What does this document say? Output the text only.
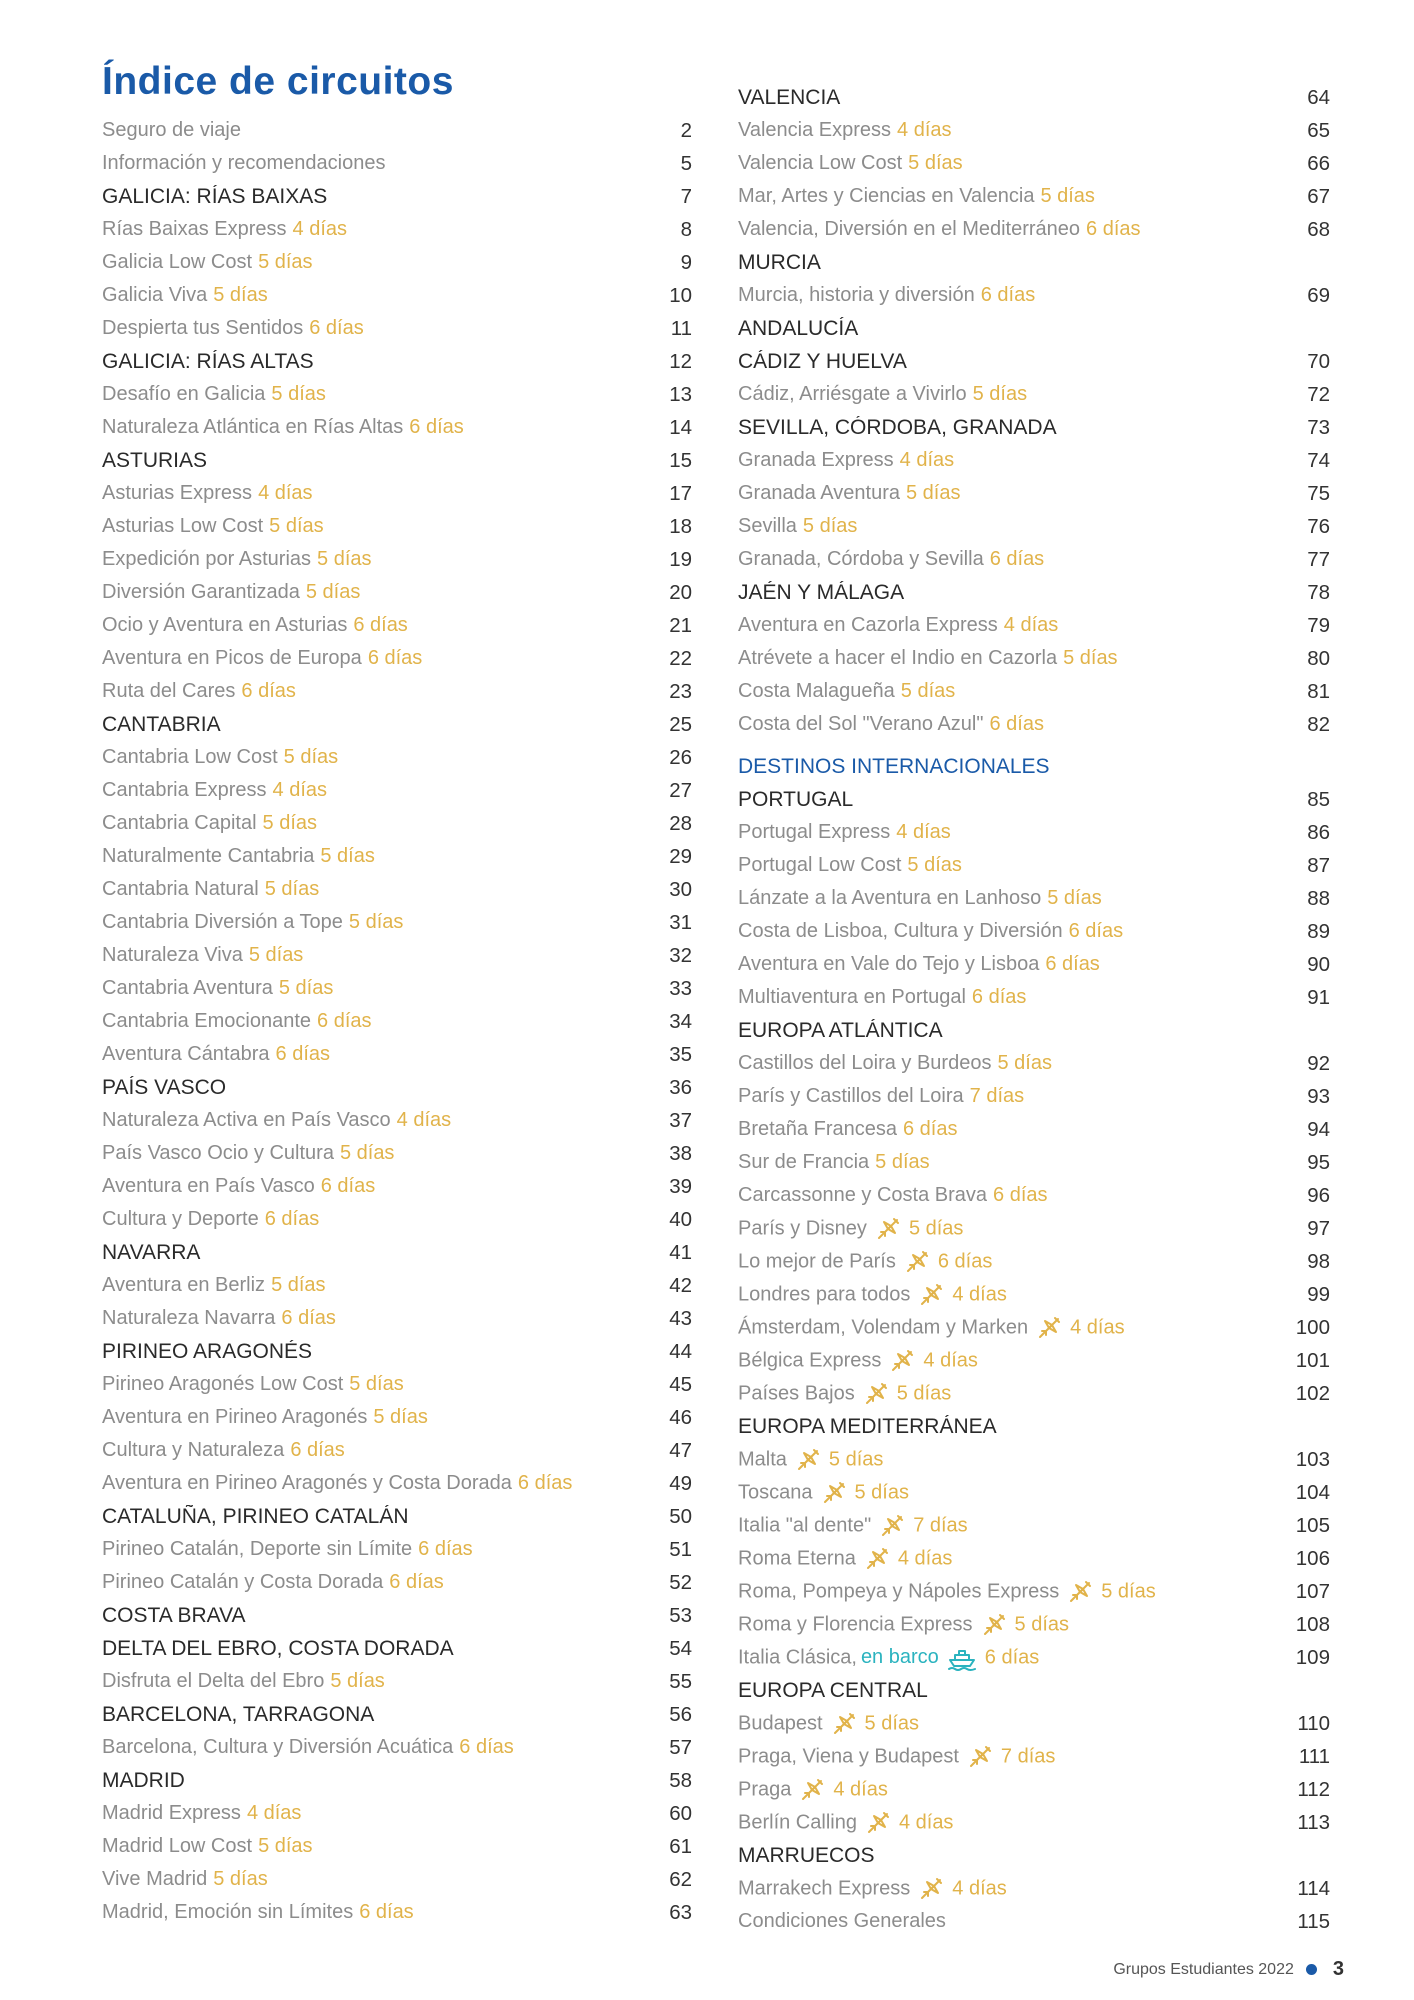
Índice de circuitos
Seguro de viaje	2
Información y recomendaciones	5
GALICIA: RÍAS BAIXAS	7
Rías Baixas Express 4 días	8
Galicia Low Cost 5 días	9
Galicia Viva 5 días	10
Despierta tus Sentidos 6 días	11
GALICIA: RÍAS ALTAS	12
Desafío en Galicia 5 días	13
Naturaleza Atlántica en Rías Altas 6 días	14
ASTURIAS	15
Asturias Express 4 días	17
Asturias Low Cost 5 días	18
Expedición por Asturias 5 días	19
Diversión Garantizada 5 días	20
Ocio y Aventura en Asturias 6 días	21
Aventura en Picos de Europa 6 días	22
Ruta del Cares 6 días	23
CANTABRIA	25
Cantabria Low Cost 5 días	26
Cantabria Express 4 días	27
Cantabria Capital 5 días	28
Naturalmente Cantabria 5 días	29
Cantabria Natural 5 días	30
Cantabria Diversión a Tope 5 días	31
Naturaleza Viva 5 días	32
Cantabria Aventura 5 días	33
Cantabria Emocionante 6 días	34
Aventura Cántabra 6 días	35
PAÍS VASCO	36
Naturaleza Activa en País Vasco 4 días	37
País Vasco Ocio y Cultura 5 días	38
Aventura en País Vasco 6 días	39
Cultura y Deporte 6 días	40
NAVARRA	41
Aventura en Berliz 5 días	42
Naturaleza Navarra 6 días	43
PIRINEO ARAGONÉS	44
Pirineo Aragonés Low Cost 5 días	45
Aventura en Pirineo Aragonés 5 días	46
Cultura y Naturaleza 6 días	47
Aventura en Pirineo Aragonés y Costa Dorada 6 días	49
CATALUÑA, PIRINEO CATALÁN	50
Pirineo Catalán, Deporte sin Límite 6 días	51
Pirineo Catalán y Costa Dorada 6 días	52
COSTA BRAVA	53
DELTA DEL EBRO, COSTA DORADA	54
Disfruta el Delta del Ebro 5 días	55
BARCELONA, TARRAGONA	56
Barcelona, Cultura y Diversión Acuática 6 días	57
MADRID	58
Madrid Express 4 días	60
Madrid Low Cost 5 días	61
Vive Madrid 5 días	62
Madrid, Emoción sin Límites 6 días	63
VALENCIA	64
Valencia Express 4 días	65
Valencia Low Cost 5 días	66
Mar, Artes y Ciencias en Valencia 5 días	67
Valencia, Diversión en el Mediterráneo 6 días	68
MURCIA
Murcia, historia y diversión 6 días	69
ANDALUCÍA
CÁDIZ Y HUELVA	70
Cádiz, Arriésgate a Vivirlo 5 días	72
SEVILLA, CÓRDOBA, GRANADA	73
Granada Express 4 días	74
Granada Aventura 5 días	75
Sevilla 5 días	76
Granada, Córdoba y Sevilla 6 días	77
JAÉN Y MÁLAGA	78
Aventura en Cazorla Express 4 días	79
Atrévete a hacer el Indio en Cazorla 5 días	80
Costa Malagueña 5 días	81
Costa del Sol "Verano Azul" 6 días	82
DESTINOS INTERNACIONALES
PORTUGAL	85
Portugal Express 4 días	86
Portugal Low Cost 5 días	87
Lánzate a la Aventura en Lanhoso 5 días	88
Costa de Lisboa, Cultura y Diversión 6 días	89
Aventura en Vale do Tejo y Lisboa 6 días	90
Multiaventura en Portugal 6 días	91
EUROPA ATLÁNTICA
Castillos del Loira y Burdeos 5 días	92
París y Castillos del Loira 7 días	93
Bretaña Francesa 6 días	94
Sur de Francia 5 días	95
Carcassonne y Costa Brava 6 días	96
París y Disney 5 días	97
Lo mejor de París 6 días	98
Londres para todos 4 días	99
Ámsterdam, Volendam y Marken 4 días	100
Bélgica Express 4 días	101
Países Bajos 5 días	102
EUROPA MEDITERRÁNEA
Malta 5 días	103
Toscana 5 días	104
Italia "al dente" 7 días	105
Roma Eterna 4 días	106
Roma, Pompeya y Nápoles Express 5 días	107
Roma y Florencia Express 5 días	108
Italia Clásica, en barco 6 días	109
EUROPA CENTRAL
Budapest 5 días	110
Praga, Viena y Budapest 7 días	111
Praga 4 días	112
Berlín Calling 4 días	113
MARRUECOS
Marrakech Express 4 días	114
Condiciones Generales	115
Grupos Estudiantes 2022 3
